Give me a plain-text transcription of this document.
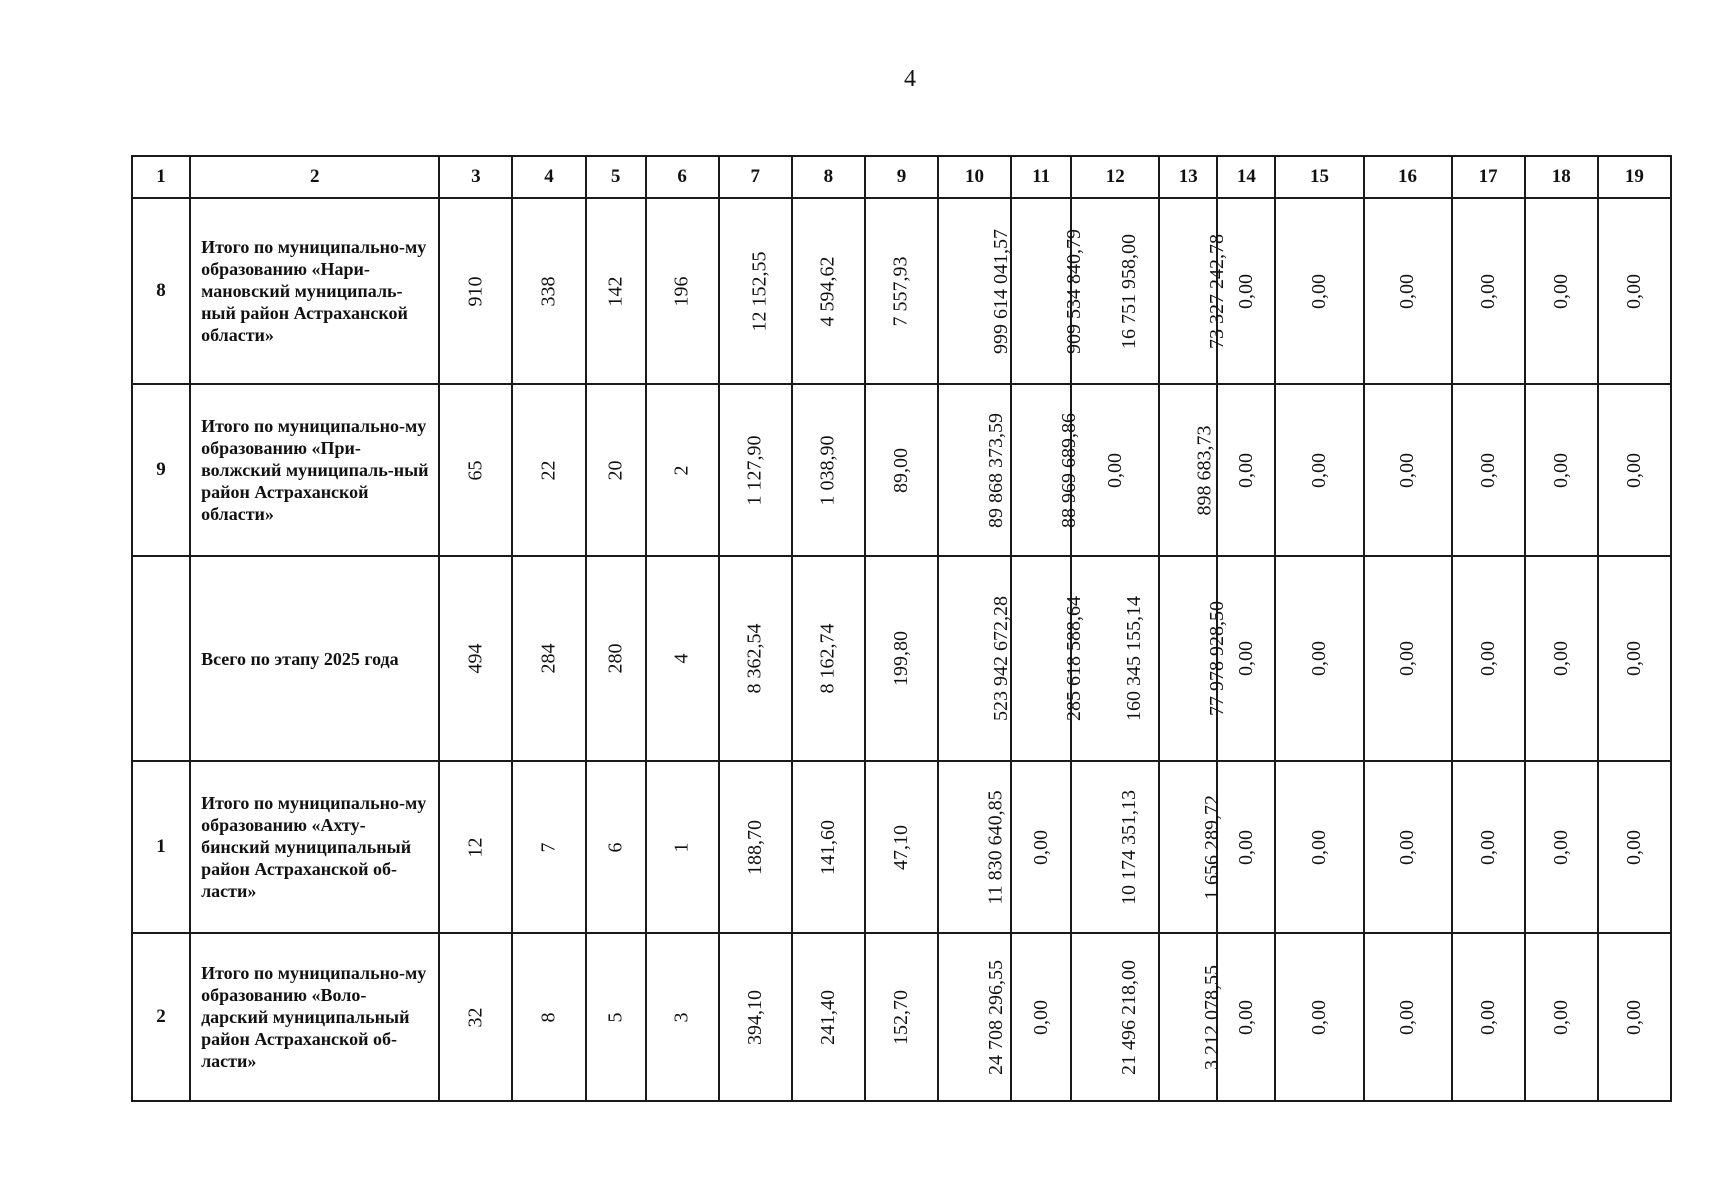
4
1	2	3	4	5	6	7	8	9	10	11	12	13	14	15	16	17	18	19
8	Итого по муниципально-му образованию «Нари-мановский муниципаль-ный район Астраханской области»	910	338	142	196	12 152,55	4 594,62	7 557,93	999 614 041,57	909 534 840,79	16 751 958,00	73 327 242,78	0,00	0,00	0,00	0,00	0,00	0,00
9	Итого по муниципально-му образованию «При-волжский муниципаль-ный район Астраханской области»	65	22	20	2	1 127,90	1 038,90	89,00	89 868 373,59	88 969 689,86	0,00	898 683,73	0,00	0,00	0,00	0,00	0,00	0,00
	Всего по этапу 2025 года	494	284	280	4	8 362,54	8 162,74	199,80	523 942 672,28	285 618 588,64	160 345 155,14	77 978 928,50	0,00	0,00	0,00	0,00	0,00	0,00
1	Итого по муниципально-му образованию «Ахту-бинский муниципальный район Астраханской об-ласти»	12	7	6	1	188,70	141,60	47,10	11 830 640,85	0,00	10 174 351,13	1 656 289,72	0,00	0,00	0,00	0,00	0,00	0,00
2	Итого по муниципально-му образованию «Воло-дарский муниципальный район Астраханской об-ласти»	32	8	5	3	394,10	241,40	152,70	24 708 296,55	0,00	21 496 218,00	3 212 078,55	0,00	0,00	0,00	0,00	0,00	0,00
